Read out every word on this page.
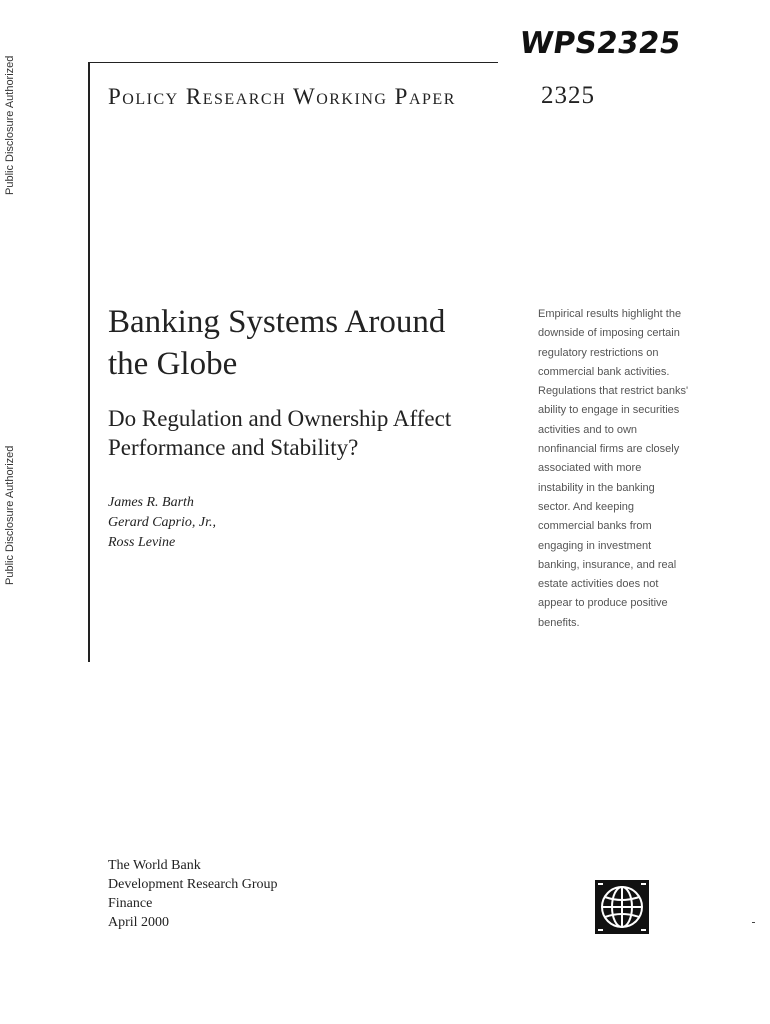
Public Disclosure Authorized
Public Disclosure Authorized
WPS2325
Policy Research Working Paper	2325
Banking Systems Around
the Globe
Do Regulation and Ownership Affect
Performance and Stability?
James R. Barth
Gerard Caprio, Jr.,
Ross Levine
Empirical results highlight the
downside of imposing certain
regulatory restrictions on
commercial bank activities.
Regulations that restrict banks'
ability to engage in securities
activities and to own
nonfinancial firms are closely
associated with more
instability in the banking
sector. And keeping
commercial banks from
engaging in investment
banking, insurance, and real
estate activities does not
appear to produce positive
benefits.
The World Bank
Development Research Group
Finance
April 2000
